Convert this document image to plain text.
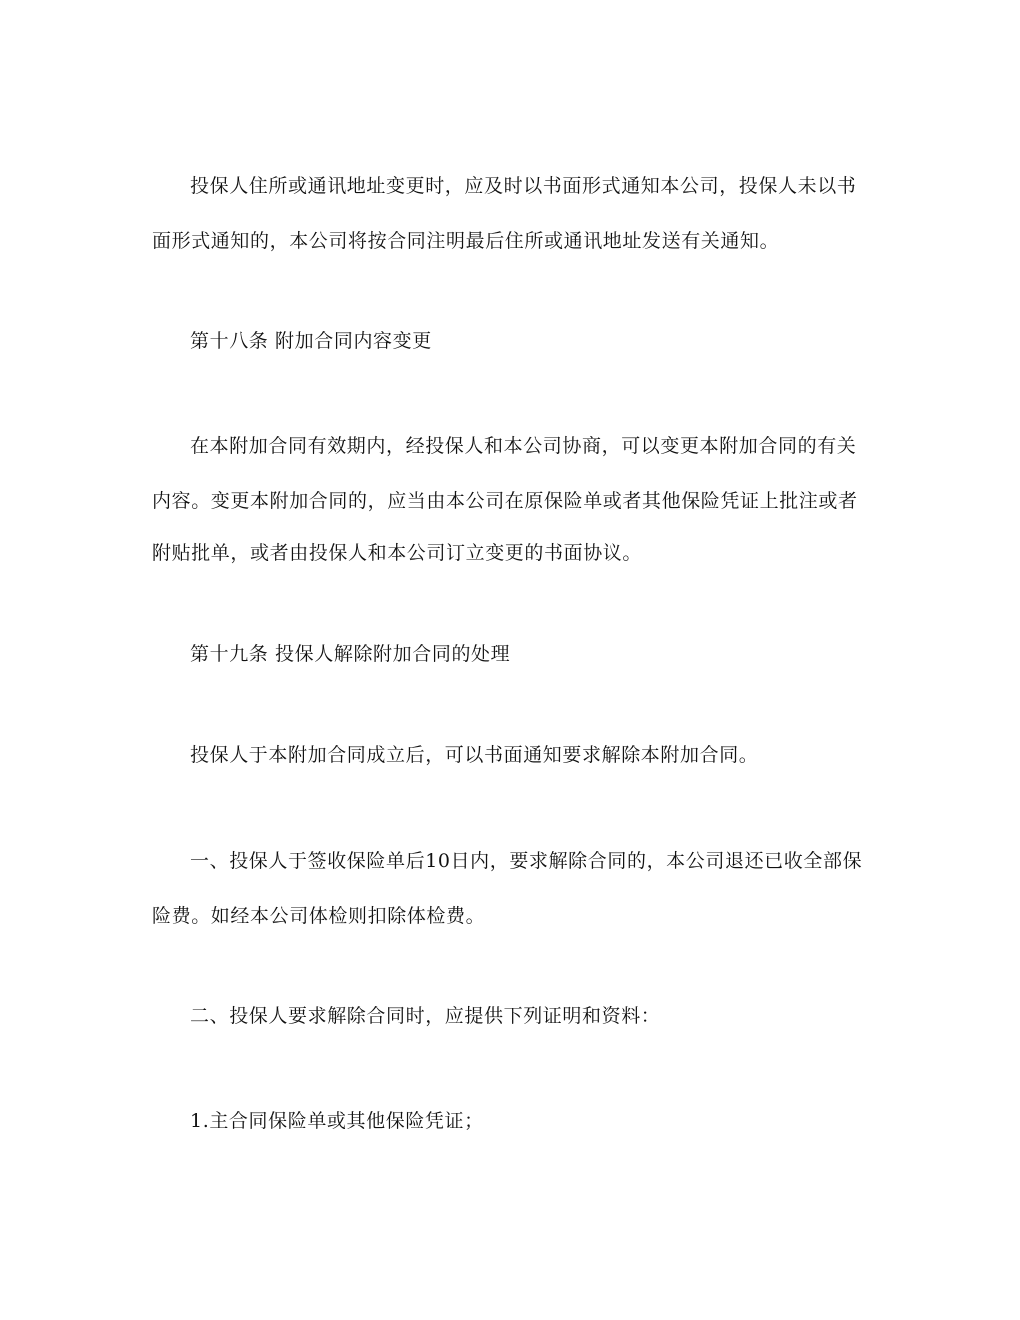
投保人住所或通讯地址变更时，应及时以书面形式通知本公司，投保人未以书
面形式通知的，本公司将按合同注明最后住所或通讯地址发送有关通知。
第十八条 附加合同内容变更
在本附加合同有效期内，经投保人和本公司协商，可以变更本附加合同的有关
内容。变更本附加合同的，应当由本公司在原保险单或者其他保险凭证上批注或者
附贴批单，或者由投保人和本公司订立变更的书面协议。
第十九条 投保人解除附加合同的处理
投保人于本附加合同成立后，可以书面通知要求解除本附加合同。
一、投保人于签收保险单后10日内，要求解除合同的，本公司退还已收全部保
险费。如经本公司体检则扣除体检费。
二、投保人要求解除合同时，应提供下列证明和资料：
1.主合同保险单或其他保险凭证；
